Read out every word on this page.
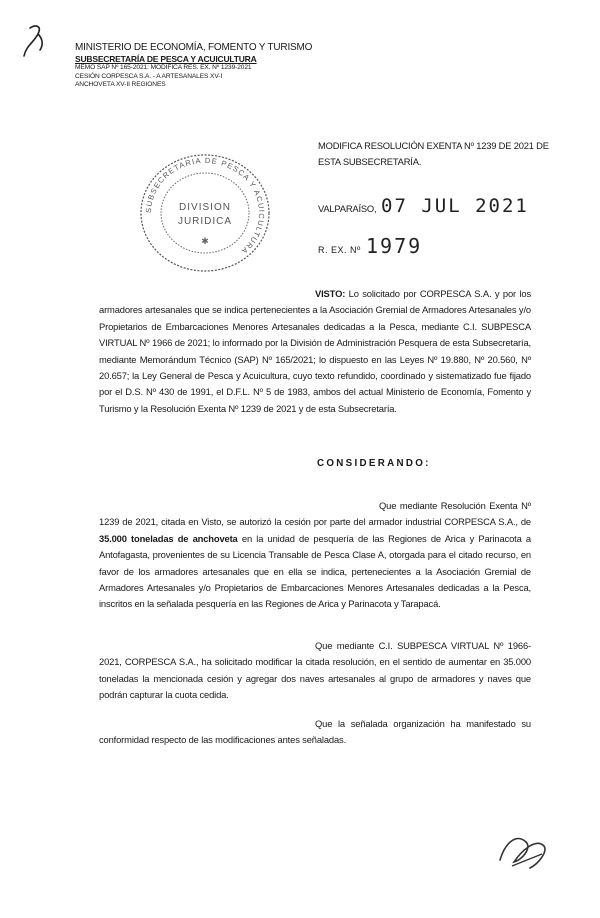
MINISTERIO DE ECONOMÍA, FOMENTO Y TURISMO
SUBSECRETARÍA DE PESCA Y ACUICULTURA
MEMO SAP Nº 165-2021: MODIFICA RES. EX. Nº 1239-2021
CESIÓN CORPESCA S.A. - A ARTESANALES XV-I
ANCHOVETA XV-II REGIONES
MODIFICA RESOLUCIÓN EXENTA Nº 1239 DE 2021 DE
ESTA SUBSECRETARÍA.
SUBSECRETARIA DE PESCA Y ACUICULTURA
DIVISION
JURIDICA
✱
VALPARAÍSO, 07 JUL 2021
R. EX. Nº 1979

VISTO: Lo solicitado por CORPESCA S.A. y por los armadores artesanales que se indica pertenecientes a la Asociación Gremial de Armadores Artesanales y/o Propietarios de Embarcaciones Menores Artesanales dedicadas a la Pesca, mediante C.I. SUBPESCA VIRTUAL Nº 1966 de 2021; lo informado por la División de Administración Pesquera de esta Subsecretaría, mediante Memorándum Técnico (SAP) Nº 165/2021; lo dispuesto en las Leyes Nº 19.880, Nº 20.560, Nº 20.657; la Ley General de Pesca y Acuicultura, cuyo texto refundido, coordinado y sistematizado fue fijado por el D.S. Nº 430 de 1991, el D.F.L. Nº 5 de 1983, ambos del actual Ministerio de Economía, Fomento y Turismo y la Resolución Exenta Nº 1239 de 2021 y de esta Subsecretaría.

CONSIDERANDO:

Que mediante Resolución Exenta Nº 1239 de 2021, citada en Visto, se autorizó la cesión por parte del armador industrial CORPESCA S.A., de 35.000 toneladas de anchoveta en la unidad de pesquería de las Regiones de Arica y Parinacota a Antofagasta, provenientes de su Licencia Transable de Pesca Clase A, otorgada para el citado recurso, en favor de los armadores artesanales que en ella se indica, pertenecientes a la Asociación Gremial de Armadores Artesanales y/o Propietarios de Embarcaciones Menores Artesanales dedicadas a la Pesca, inscritos en la señalada pesquería en las Regiones de Arica y Parinacota y Tarapacá.

Que mediante C.I. SUBPESCA VIRTUAL Nº 1966-2021, CORPESCA S.A., ha solicitado modificar la citada resolución, en el sentido de aumentar en 35.000 toneladas la mencionada cesión y agregar dos naves artesanales al grupo de armadores y naves que podrán capturar la cuota cedida.

Que la señalada organización ha manifestado su conformidad respecto de las modificaciones antes señaladas.
